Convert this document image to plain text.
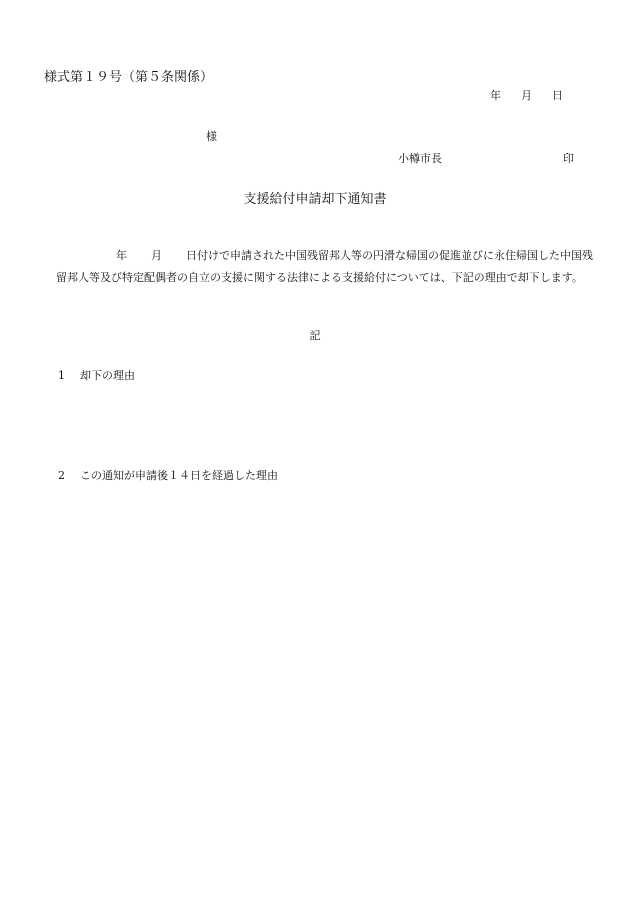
様式第１９号（第５条関係）
年 月 日
様
小樽市長	印
支援給付申請却下通知書
年 月 日付けで申請された中国残留邦人等の円滑な帰国の促進並びに永住帰国した中国残留邦人等及び特定配偶者の自立の支援に関する法律による支援給付については、下記の理由で却下します。
記
1 却下の理由
2 この通知が申請後１４日を経過した理由
